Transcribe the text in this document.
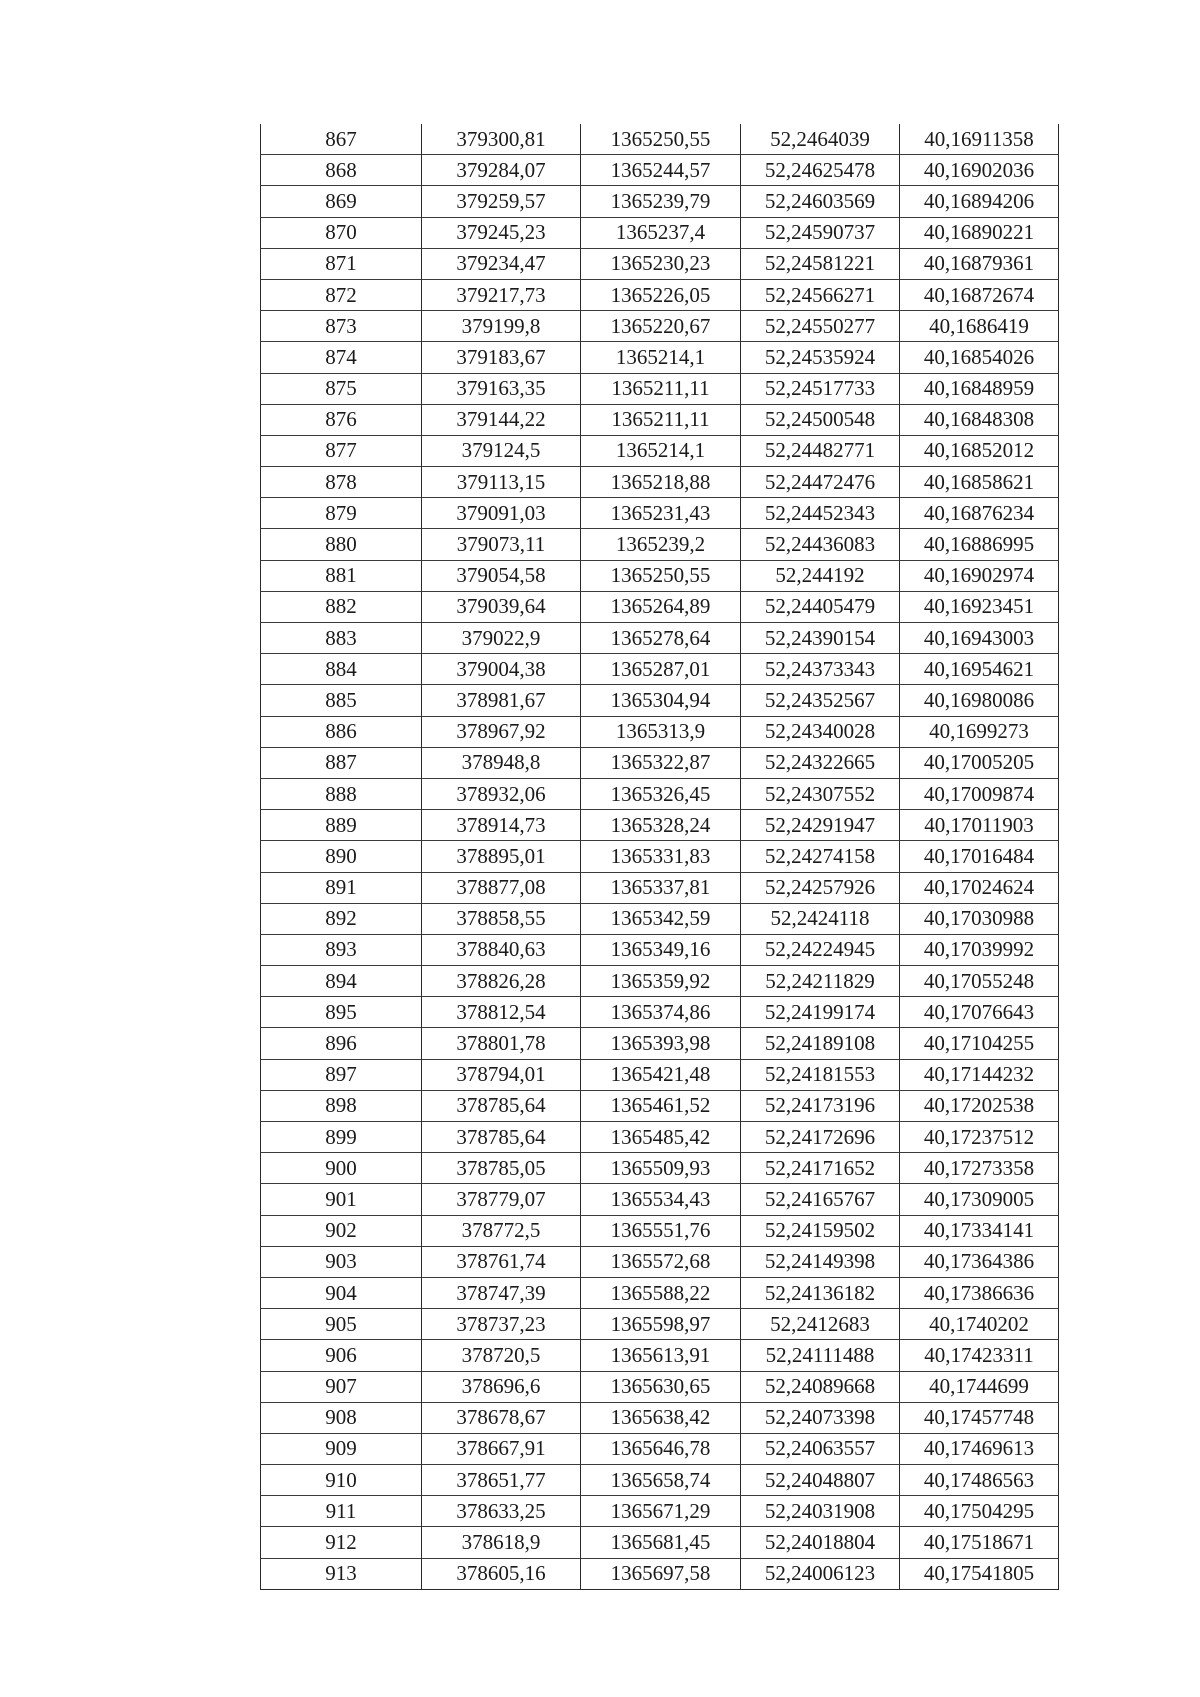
867	379300,81	1365250,55	52,2464039	40,16911358
868	379284,07	1365244,57	52,24625478	40,16902036
869	379259,57	1365239,79	52,24603569	40,16894206
870	379245,23	1365237,4	52,24590737	40,16890221
871	379234,47	1365230,23	52,24581221	40,16879361
872	379217,73	1365226,05	52,24566271	40,16872674
873	379199,8	1365220,67	52,24550277	40,1686419
874	379183,67	1365214,1	52,24535924	40,16854026
875	379163,35	1365211,11	52,24517733	40,16848959
876	379144,22	1365211,11	52,24500548	40,16848308
877	379124,5	1365214,1	52,24482771	40,16852012
878	379113,15	1365218,88	52,24472476	40,16858621
879	379091,03	1365231,43	52,24452343	40,16876234
880	379073,11	1365239,2	52,24436083	40,16886995
881	379054,58	1365250,55	52,244192	40,16902974
882	379039,64	1365264,89	52,24405479	40,16923451
883	379022,9	1365278,64	52,24390154	40,16943003
884	379004,38	1365287,01	52,24373343	40,16954621
885	378981,67	1365304,94	52,24352567	40,16980086
886	378967,92	1365313,9	52,24340028	40,1699273
887	378948,8	1365322,87	52,24322665	40,17005205
888	378932,06	1365326,45	52,24307552	40,17009874
889	378914,73	1365328,24	52,24291947	40,17011903
890	378895,01	1365331,83	52,24274158	40,17016484
891	378877,08	1365337,81	52,24257926	40,17024624
892	378858,55	1365342,59	52,2424118	40,17030988
893	378840,63	1365349,16	52,24224945	40,17039992
894	378826,28	1365359,92	52,24211829	40,17055248
895	378812,54	1365374,86	52,24199174	40,17076643
896	378801,78	1365393,98	52,24189108	40,17104255
897	378794,01	1365421,48	52,24181553	40,17144232
898	378785,64	1365461,52	52,24173196	40,17202538
899	378785,64	1365485,42	52,24172696	40,17237512
900	378785,05	1365509,93	52,24171652	40,17273358
901	378779,07	1365534,43	52,24165767	40,17309005
902	378772,5	1365551,76	52,24159502	40,17334141
903	378761,74	1365572,68	52,24149398	40,17364386
904	378747,39	1365588,22	52,24136182	40,17386636
905	378737,23	1365598,97	52,2412683	40,1740202
906	378720,5	1365613,91	52,24111488	40,17423311
907	378696,6	1365630,65	52,24089668	40,1744699
908	378678,67	1365638,42	52,24073398	40,17457748
909	378667,91	1365646,78	52,24063557	40,17469613
910	378651,77	1365658,74	52,24048807	40,17486563
911	378633,25	1365671,29	52,24031908	40,17504295
912	378618,9	1365681,45	52,24018804	40,17518671
913	378605,16	1365697,58	52,24006123	40,17541805
